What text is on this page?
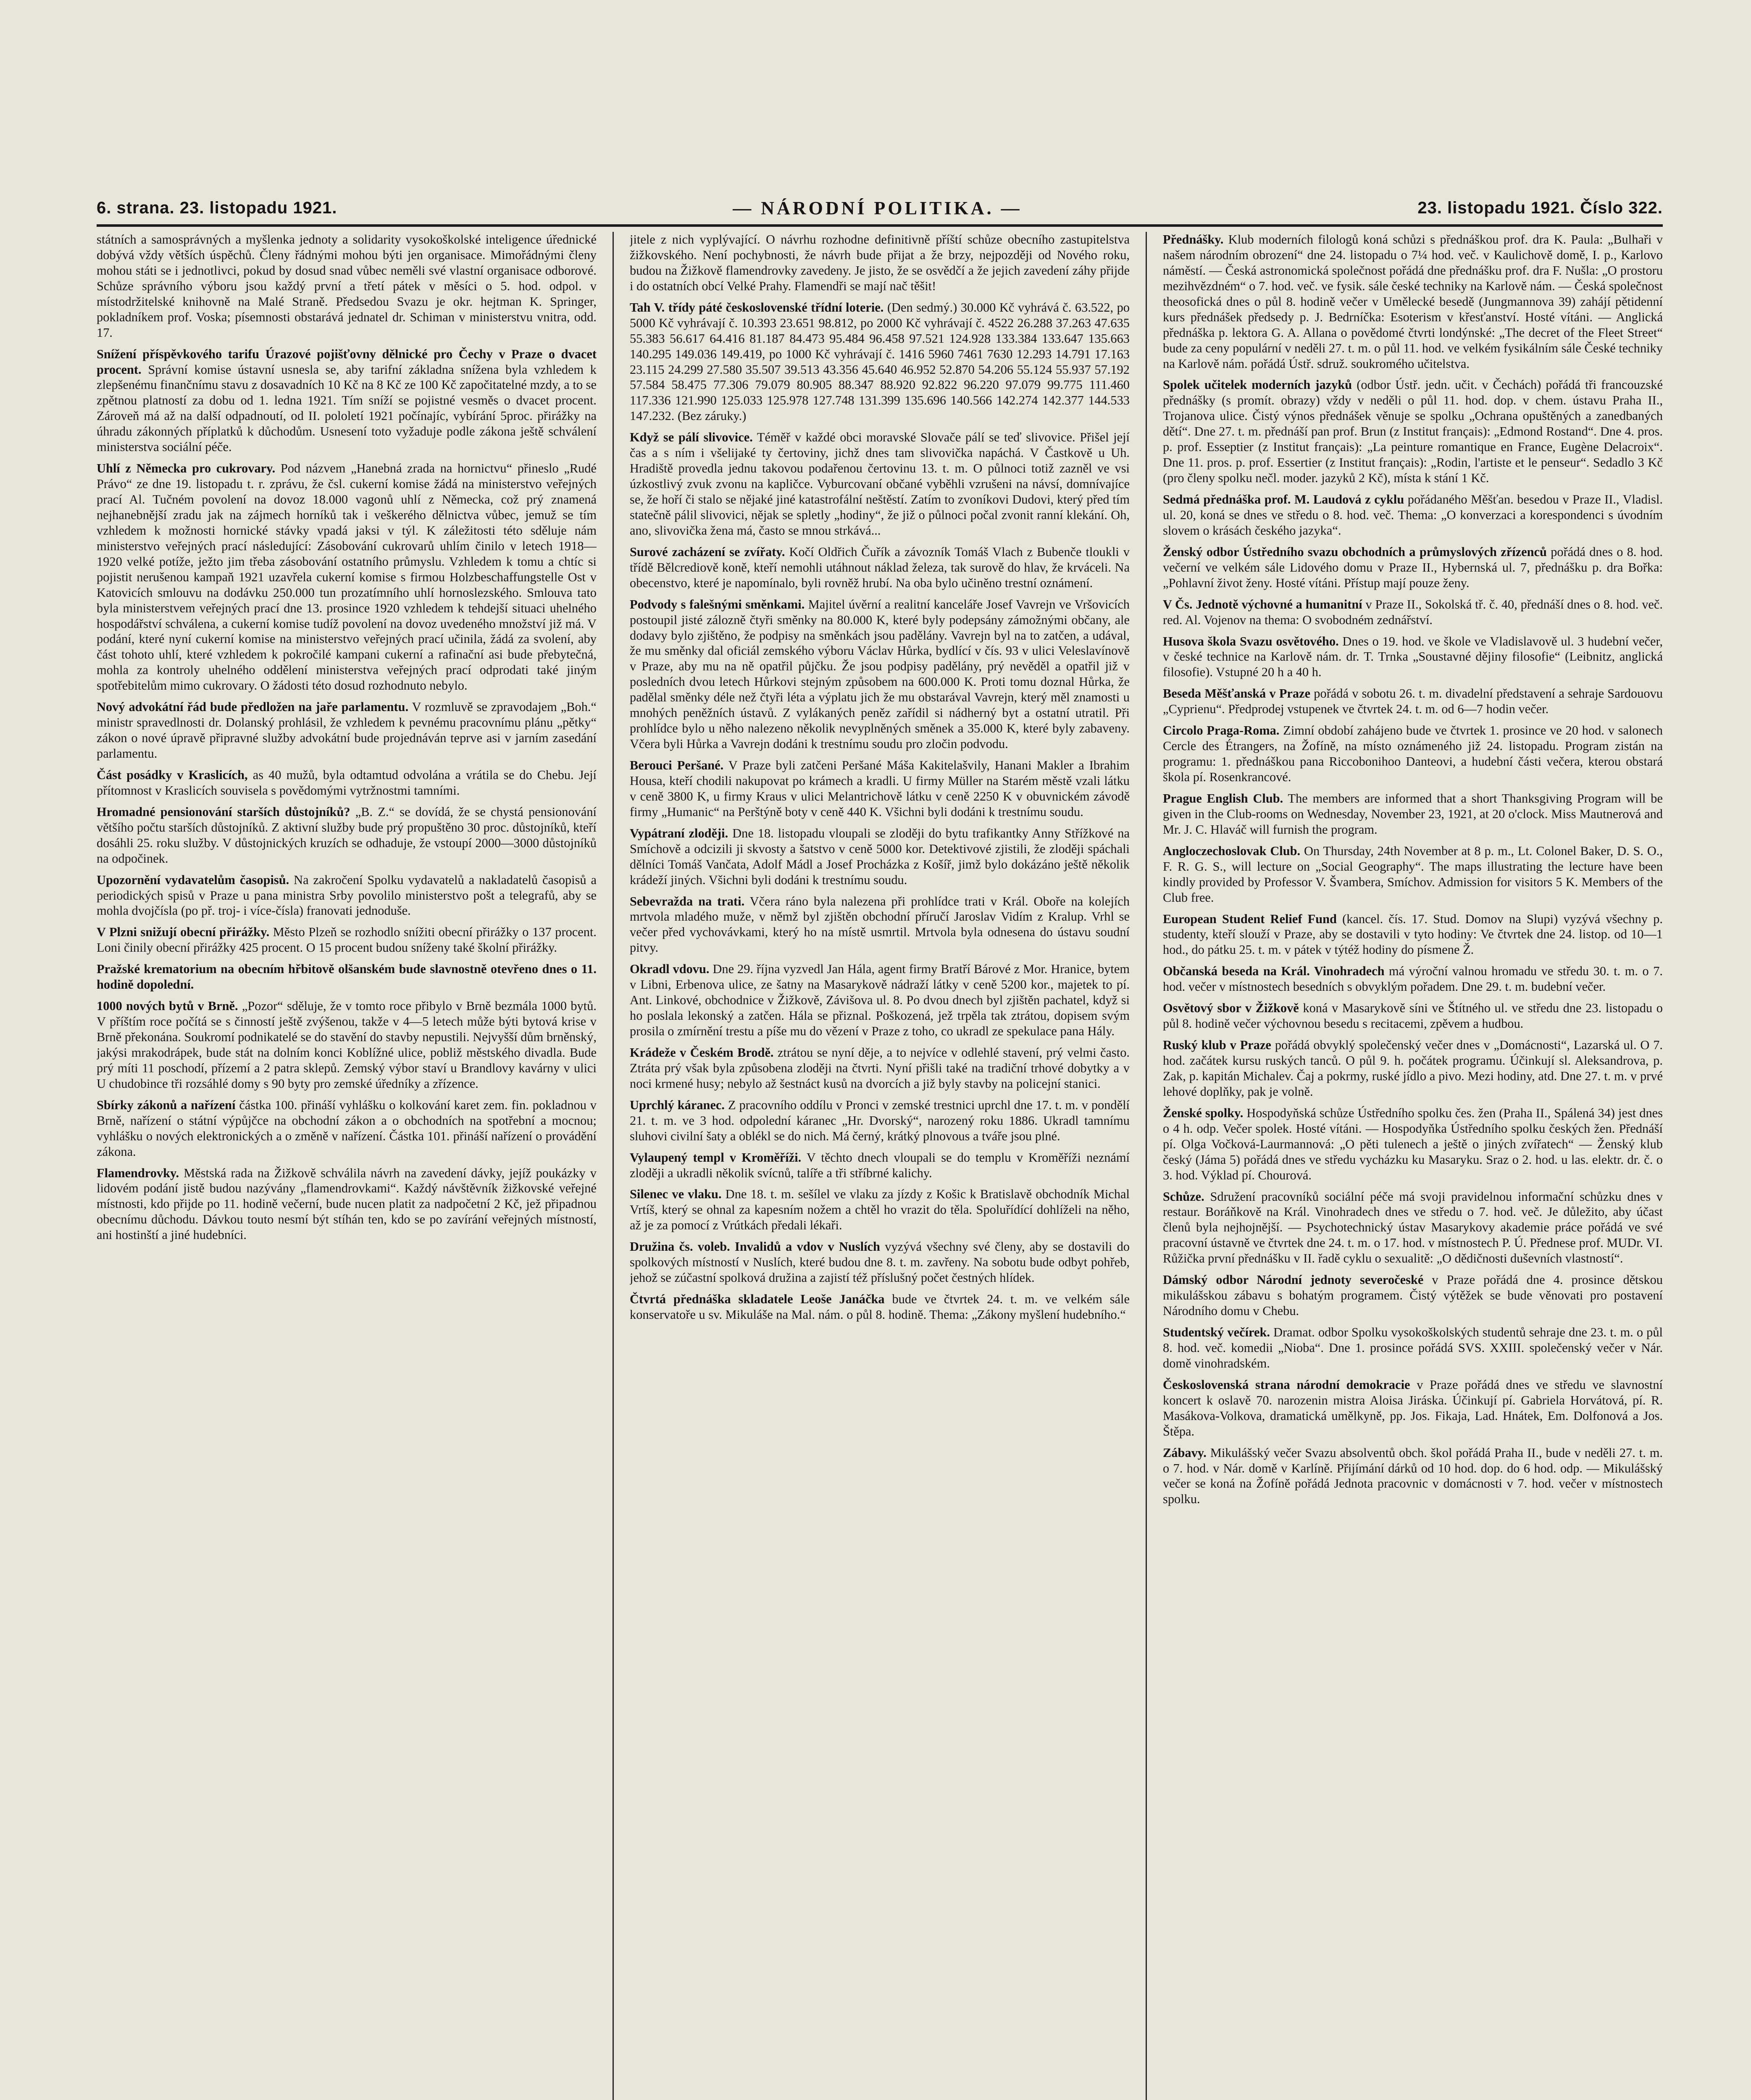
6. strana. 23. listopadu 1921.	— NÁRODNÍ POLITIKA. —	23. listopadu 1921. Číslo 322.

státních a samosprávných a myšlenka jednoty a solidarity vysokoškolské inteligence úřednické dobývá vždy větších úspěchů. Členy řádnými mohou býti jen organisace. Mimořádnými členy mohou státi se i jednotlivci, pokud by dosud snad vůbec neměli své vlastní organisace odborové. Schůze správního výboru jsou každý první a třetí pátek v měsíci o 5. hod. odpol. v místodržitelské knihovně na Malé Straně. Předsedou Svazu je okr. hejtman K. Springer, pokladníkem prof. Voska; písemnosti obstarává jednatel dr. Schiman v ministerstvu vnitra, odd. 17.

Snížení příspěvkového tarifu Úrazové pojišťovny dělnické pro Čechy v Praze o dvacet procent. Správní komise ústavní usnesla se, aby tarifní základna snížena byla vzhledem k zlepšenému finančnímu stavu z dosavadních 10 Kč na 8 Kč ze 100 Kč započitatelné mzdy, a to se zpětnou platností za dobu od 1. ledna 1921. Tím sníží se pojistné vesměs o dvacet procent. Zároveň má až na další odpadnoutí, od II. pololetí 1921 počínajíc, vybírání 5proc. přirážky na úhradu zákonných příplatků k důchodům. Usnesení toto vyžaduje podle zákona ještě schválení ministerstva sociální péče.

Uhlí z Německa pro cukrovary. Pod názvem „Hanebná zrada na hornictvu“ přineslo „Rudé Právo“ ze dne 19. listopadu t. r. zprávu, že čsl. cukerní komise žádá na ministerstvo veřejných prací Al. Tučném povolení na dovoz 18.000 vagonů uhlí z Německa, což prý znamená nejhanebnější zradu jak na zájmech horníků tak i veškerého dělnictva vůbec, jemuž se tím vzhledem k možnosti hornické stávky vpadá jaksi v týl. K záležitosti této sděluje nám ministerstvo veřejných prací následující: Zásobování cukrovarů uhlím činilo v letech 1918—1920 velké potíže, ježto jim třeba zásobování ostatního průmyslu. Vzhledem k tomu a chtíc si pojistit nerušenou kampaň 1921 uzavřela cukerní komise s firmou Holzbeschaffungstelle Ost v Katovicích smlouvu na dodávku 250.000 tun prozatímního uhlí hornoslezského. Smlouva tato byla ministerstvem veřejných prací dne 13. prosince 1920 vzhledem k tehdejší situaci uhelného hospodářství schválena, a cukerní komise tudíž povolení na dovoz uvedeného množství již má. V podání, které nyní cukerní komise na ministerstvo veřejných prací učinila, žádá za svolení, aby část tohoto uhlí, které vzhledem k pokročilé kampani cukerní a rafinační asi bude přebytečná, mohla za kontroly uhelného oddělení ministerstva veřejných prací odprodati také jiným spotřebitelům mimo cukrovary. O žádosti této dosud rozhodnuto nebylo.

Nový advokátní řád bude předložen na jaře parlamentu. V rozmluvě se zpravodajem „Boh.“ ministr spravedlnosti dr. Dolanský prohlásil, že vzhledem k pevnému pracovnímu plánu „pětky“ zákon o nové úpravě připravné služby advokátní bude projednáván teprve asi v jarním zasedání parlamentu.

Část posádky v Kraslicích, as 40 mužů, byla odtamtud odvolána a vrátila se do Chebu. Její přítomnost v Kraslicích souvisela s povědomými vytržnostmi tamními.

Hromadné pensionování starších důstojníků? „B. Z.“ se dovídá, že se chystá pensionování většího počtu starších důstojníků. Z aktivní služby bude prý propuštěno 30 proc. důstojníků, kteří dosáhli 25. roku služby. V důstojnických kruzích se odhaduje, že vstoupí 2000—3000 důstojníků na odpočinek.

Upozornění vydavatelům časopisů. Na zakročení Spolku vydavatelů a nakladatelů časopisů a periodických spisů v Praze u pana ministra Srby povolilo ministerstvo pošt a telegrafů, aby se mohla dvojčísla (po př. troj- i více-čísla) franovati jednoduše.

V Plzni snižují obecní přirážky. Město Plzeň se rozhodlo snížiti obecní přirážky o 137 procent. Loni činily obecní přirážky 425 procent. O 15 procent budou sníženy také školní přirážky.

Pražské krematorium na obecním hřbitově olšanském bude slavnostně otevřeno dnes o 11. hodině dopolední.

1000 nových bytů v Brně. „Pozor“ sděluje, že v tomto roce přibylo v Brně bezmála 1000 bytů. V příštím roce počítá se s činností ještě zvýšenou, takže v 4—5 letech může býti bytová krise v Brně překonána. Soukromí podnikatelé se do stavění do stavby nepustili. Nejvyšší dům brněnský, jakýsi mrakodrápek, bude stát na dolním konci Koblížné ulice, pobliž městského divadla. Bude prý míti 11 poschodí, přízemí a 2 patra sklepů. Zemský výbor staví u Brandlovy kavárny v ulici U chudobince tři rozsáhlé domy s 90 byty pro zemské úředníky a zřízence.

Sbírky zákonů a nařízení částka 100. přináší vyhlášku o kolkování karet zem. fin. pokladnou v Brně, nařízení o státní výpůjčce na obchodní zákon a o obchodních na spotřební a mocnou; vyhlášku o nových elektronických a o změně v nařízení. Částka 101. přináší nařízení o provádění zákona.

Flamendrovky. Městská rada na Žižkově schválila návrh na zavedení dávky, jejíž poukázky v lidovém podání jistě budou nazývány „flamendrovkami“. Každý návštěvník žižkovské veřejné místnosti, kdo přijde po 11. hodině večerní, bude nucen platit za nadpočetní 2 Kč, jež připadnou obecnímu důchodu. Dávkou touto nesmí být stíhán ten, kdo se po zavírání veřejných místností, ani hostinští a jiné hudebníci.

jitele z nich vyplývající. O návrhu rozhodne definitivně příští schůze obecního zastupitelstva žižkovského. Není pochybnosti, že návrh bude přijat a že brzy, nejpozději od Nového roku, budou na Žižkově flamendrovky zavedeny. Je jisto, že se osvědčí a že jejich zavedení záhy přijde i do ostatních obcí Velké Prahy. Flamendři se mají nač těšit!

Tah V. třídy páté československé třídní loterie. (Den sedmý.) 30.000 Kč vyhrává č. 63.522, po 5000 Kč vyhrávají č. 10.393 23.651 98.812, po 2000 Kč vyhrávají č. 4522 26.288 37.263 47.635 55.383 56.617 64.416 81.187 84.473 95.484 96.458 97.521 124.928 133.384 133.647 135.663 140.295 149.036 149.419, po 1000 Kč vyhrávají č. 1416 5960 7461 7630 12.293 14.791 17.163 23.115 24.299 27.580 35.507 39.513 43.356 45.640 46.952 52.870 54.206 55.124 55.937 57.192 57.584 58.475 77.306 79.079 80.905 88.347 88.920 92.822 96.220 97.079 99.775 111.460 117.336 121.990 125.033 125.978 127.748 131.399 135.696 140.566 142.274 142.377 144.533 147.232. (Bez záruky.)

Když se pálí slivovice. Téměř v každé obci moravské Slovače pálí se teď slivovice. Přišel její čas a s ním i všelijaké ty čertoviny, jichž dnes tam slivovička napáchá. V Častkově u Uh. Hradiště provedla jednu takovou podařenou čertovinu 13. t. m. O půlnoci totiž zazněl ve vsi úzkostlivý zvuk zvonu na kapličce. Vyburcovaní občané vyběhli vzrušeni na návsí, domnívajíce se, že hoří či stalo se nějaké jiné katastrofální neštěstí. Zatím to zvoníkovi Dudovi, který před tím statečně pálil slivovici, nějak se spletly „hodiny“, že již o půlnoci počal zvonit ranní klekání. Oh, ano, slivovička žena má, často se mnou strkává...

Surové zacházení se zvířaty. Kočí Oldřich Čuřík a závozník Tomáš Vlach z Bubenče tloukli v třídě Bělcrediově koně, kteří nemohli utáhnout náklad železa, tak surově do hlav, že krváceli. Na obecenstvo, které je napomínalo, byli rovněž hrubí. Na oba bylo učiněno trestní oznámení.

Podvody s falešnými směnkami. Majitel úvěrní a realitní kanceláře Josef Vavrejn ve Vršovicích postoupil jisté zálozně čtyři směnky na 80.000 K, které byly podepsány zámožnými občany, ale dodavy bylo zjištěno, že podpisy na směnkách jsou padělány. Vavrejn byl na to zatčen, a udával, že mu směnky dal oficiál zemského výboru Václav Hůrka, bydlící v čís. 93 v ulici Veleslavínově v Praze, aby mu na ně opatřil půjčku. Že jsou podpisy padělány, prý nevěděl a opatřil již v posledních dvou letech Hůrkovi stejným způsobem na 600.000 K. Proti tomu doznal Hůrka, že padělal směnky déle než čtyři léta a výplatu jich že mu obstarával Vavrejn, který měl znamosti u mnohých peněžních ústavů. Z vylákaných peněz zařídil si nádherný byt a ostatní utratil. Při prohlídce bylo u něho nalezeno několik nevyplněných směnek a 35.000 K, které byly zabaveny. Včera byli Hůrka a Vavrejn dodáni k trestnímu soudu pro zločin podvodu.

Berouci Peršané. V Praze byli zatčeni Peršané Máša Kakitelašvily, Hanani Makler a Ibrahim Housa, kteří chodili nakupovat po krámech a kradli. U firmy Müller na Starém městě vzali látku v ceně 3800 K, u firmy Kraus v ulici Melantrichově látku v ceně 2250 K v obuvnickém závodě firmy „Humanic“ na Perštýně boty v ceně 440 K. Všichni byli dodáni k trestnímu soudu.

Vypátraní zloději. Dne 18. listopadu vloupali se zloději do bytu trafikantky Anny Střížkové na Smíchově a odcizili ji skvosty a šatstvo v ceně 5000 kor. Detektivové zjistili, že zloději spáchali dělníci Tomáš Vančata, Adolf Mádl a Josef Procházka z Košíř, jimž bylo dokázáno ještě několik krádeží jiných. Všichni byli dodáni k trestnímu soudu.

Sebevražda na trati. Včera ráno byla nalezena při prohlídce trati v Král. Oboře na kolejích mrtvola mladého muže, v němž byl zjištěn obchodní příručí Jaroslav Vidím z Kralup. Vrhl se večer před vychovávkami, který ho na místě usmrtil. Mrtvola byla odnesena do ústavu soudní pitvy.

Okradl vdovu. Dne 29. října vyzvedl Jan Hála, agent firmy Bratří Bárové z Mor. Hranice, bytem v Libni, Erbenova ulice, ze šatny na Masarykově nádraží látky v ceně 5200 kor., majetek to pí. Ant. Linkové, obchodnice v Žižkově, Závišova ul. 8. Po dvou dnech byl zjištěn pachatel, když si ho poslala lekonský a zatčen. Hála se přiznal. Poškozená, jež trpěla tak ztrátou, dopisem svým prosila o zmírnění trestu a píše mu do vězení v Praze z toho, co ukradl ze spekulace pana Hály.

Krádeže v Českém Brodě. ztrátou se nyní děje, a to nejvíce v odlehlé stavení, prý velmi často. Ztráta prý však byla způsobena zloději na čtvrti. Nyní přišli také na tradiční trhové dobytky a v noci krmené husy; nebylo až šestnáct kusů na dvorcích a již byly stavby na policejní stanici.

Uprchlý káranec. Z pracovního oddílu v Pronci v zemské trestnici uprchl dne 17. t. m. v pondělí 21. t. m. ve 3 hod. odpolední káranec „Hr. Dvorský“, narozený roku 1886. Ukradl tamnímu sluhovi civilní šaty a oblékl se do nich. Má černý, krátký plnovous a tváře jsou plné.

Vylaupený templ v Kroměříži. V těchto dnech vloupali se do templu v Kroměříži neznámí zloději a ukradli několik svícnů, talíře a tři stříbrné kalichy.

Silenec ve vlaku. Dne 18. t. m. sešílel ve vlaku za jízdy z Košic k Bratislavě obchodník Michal Vrtíš, který se ohnal za kapesním nožem a chtěl ho vrazit do těla. Spoluřídící dohlíželi na něho, až je za pomocí z Vrútkách předali lékaři.

Družina čs. voleb. Invalidů a vdov v Nuslích vyzývá všechny své členy, aby se dostavili do spolkových místností v Nuslích, které budou dne 8. t. m. zavřeny. Na sobotu bude odbyt pohřeb, jehož se zúčastní spolková družina a zajistí též příslušný počet čestných hlídek.

Čtvrtá přednáška skladatele Leoše Janáčka bude ve čtvrtek 24. t. m. ve velkém sále konservatoře u sv. Mikuláše na Mal. nám. o půl 8. hodině. Thema: „Zákony myšlení hudebního.“

Přednášky. Klub moderních filologů koná schůzi s přednáškou prof. dra K. Paula: „Bulhaři v našem národním obrození“ dne 24. listopadu o 7¼ hod. več. v Kaulichově domě, I. p., Karlovo náměstí. — Česká astronomická společnost pořádá dne přednášku prof. dra F. Nušla: „O prostoru mezihvězdném“ o 7. hod. več. ve fysik. sále české techniky na Karlově nám. — Česká společnost theosofická dnes o půl 8. hodině večer v Umělecké besedě (Jungmannova 39) zahájí pětidenní kurs přednášek předsedy p. J. Bedrníčka: Esoterism v křesťanství. Hosté vítáni. — Anglická přednáška p. lektora G. A. Allana o povědomé čtvrti londýnské: „The decret of the Fleet Street“ bude za ceny populární v neděli 27. t. m. o půl 11. hod. ve velkém fysikálním sále České techniky na Karlově nám. pořádá Ústř. sdruž. soukromého učitelstva.

Spolek učitelek moderních jazyků (odbor Ústř. jedn. učit. v Čechách) pořádá tři francouzské přednášky (s promít. obrazy) vždy v neděli o půl 11. hod. dop. v chem. ústavu Praha II., Trojanova ulice. Čistý výnos přednášek věnuje se spolku „Ochrana opuštěných a zanedbaných dětí“. Dne 27. t. m. přednáší pan prof. Brun (z Institut français): „Edmond Rostand“. Dne 4. pros. p. prof. Esseptier (z Institut français): „La peinture romantique en France, Eugène Delacroix“. Dne 11. pros. p. prof. Essertier (z Institut français): „Rodin, l'artiste et le penseur“. Sedadlo 3 Kč (pro členy spolku nečl. moder. jazyků 2 Kč), místa k stání 1 Kč.

Sedmá přednáška prof. M. Laudová z cyklu pořádaného Měšťan. besedou v Praze II., Vladisl. ul. 20, koná se dnes ve středu o 8. hod. več. Thema: „O konverzaci a korespondenci s úvodním slovem o krásách českého jazyka“.

Ženský odbor Ústředního svazu obchodních a průmyslových zřízenců pořádá dnes o 8. hod. večerní ve velkém sále Lidového domu v Praze II., Hybernská ul. 7, přednášku p. dra Bořka: „Pohlavní život ženy. Hosté vítáni. Přístup mají pouze ženy.

V Čs. Jednotě výchovné a humanitní v Praze II., Sokolská tř. č. 40, přednáší dnes o 8. hod. več. red. Al. Vojenov na thema: O svobodném zednářství.

Husova škola Svazu osvětového. Dnes o 19. hod. ve škole ve Vladislavově ul. 3 hudební večer, v české technice na Karlově nám. dr. T. Trnka „Soustavné dějiny filosofie“ (Leibnitz, anglická filosofie). Vstupné 20 h a 40 h.

Beseda Měšťanská v Praze pořádá v sobotu 26. t. m. divadelní představení a sehraje Sardouovu „Cyprienu“. Předprodej vstupenek ve čtvrtek 24. t. m. od 6—7 hodin večer.

Circolo Praga-Roma. Zimní období zahájeno bude ve čtvrtek 1. prosince ve 20 hod. v salonech Cercle des Étrangers, na Žofíně, na místo oznámeného již 24. listopadu. Program zistán na programu: 1. přednáškou pana Riccobonihoo Danteovi, a hudební části večera, kterou obstará škola pí. Rosenkrancové.

Prague English Club. The members are informed that a short Thanksgiving Program will be given in the Club-rooms on Wednesday, November 23, 1921, at 20 o'clock. Miss Mautnerová and Mr. J. C. Hlaváč will furnish the program.

Angloczechoslovak Club. On Thursday, 24th November at 8 p. m., Lt. Colonel Baker, D. S. O., F. R. G. S., will lecture on „Social Geography“. The maps illustrating the lecture have been kindly provided by Professor V. Švambera, Smíchov. Admission for visitors 5 K. Members of the Club free.

European Student Relief Fund (kancel. čís. 17. Stud. Domov na Slupi) vyzývá všechny p. studenty, kteří slouží v Praze, aby se dostavili v tyto hodiny: Ve čtvrtek dne 24. listop. od 10—1 hod., do pátku 25. t. m. v pátek v týtéž hodiny do písmene Ž.

Občanská beseda na Král. Vinohradech má výroční valnou hromadu ve středu 30. t. m. o 7. hod. večer v místnostech besedních s obvyklým pořadem. Dne 29. t. m. budební večer.

Osvětový sbor v Žižkově koná v Masarykově síni ve Štítného ul. ve středu dne 23. listopadu o půl 8. hodině večer výchovnou besedu s recitacemi, zpěvem a hudbou.

Ruský klub v Praze pořádá obvyklý společenský večer dnes v „Domácnosti“, Lazarská ul. O 7. hod. začátek kursu ruských tanců. O půl 9. h. počátek programu. Účinkují sl. Aleksandrova, p. Zak, p. kapitán Michalev. Čaj a pokrmy, ruské jídlo a pivo. Mezi hodiny, atd. Dne 27. t. m. v prvé lehové doplňky, pak je volně.

Ženské spolky. Hospodyňská schůze Ústředního spolku čes. žen (Praha II., Spálená 34) jest dnes o 4 h. odp. Večer spolek. Hosté vítáni. — Hospodyňka Ústředního spolku českých žen. Přednáší pí. Olga Vočková-Laurmannová: „O pěti tulenech a ještě o jiných zvířatech“ — Ženský klub český (Jáma 5) pořádá dnes ve středu vycházku ku Masaryku. Sraz o 2. hod. u las. elektr. dr. č. o 3. hod. Výklad pí. Chourová.

Schůze. Sdružení pracovníků sociální péče má svoji pravidelnou informační schůzku dnes v restaur. Boráňkově na Král. Vinohradech dnes ve středu o 7. hod. več. Je důležito, aby účast členů byla nejhojnější. — Psychotechnický ústav Masarykovy akademie práce pořádá ve své pracovní ústavně ve čtvrtek dne 24. t. m. o 17. hod. v místnostech P. Ú. Přednese prof. MUDr. VI. Růžička první přednášku v II. řadě cyklu o sexualitě: „O dědičnosti duševních vlastností“.

Dámský odbor Národní jednoty severočeské v Praze pořádá dne 4. prosince dětskou mikulášskou zábavu s bohatým programem. Čistý výtěžek se bude věnovati pro postavení Národního domu v Chebu.

Studentský večírek. Dramat. odbor Spolku vysokoškolských studentů sehraje dne 23. t. m. o půl 8. hod. več. komedii „Nioba“. Dne 1. prosince pořádá SVS. XXIII. společenský večer v Nár. domě vinohradském.

Československá strana národní demokracie v Praze pořádá dnes ve středu ve slavnostní koncert k oslavě 70. narozenin mistra Aloisa Jiráska. Účinkují pí. Gabriela Horvátová, pí. R. Masákova-Volkova, dramatická umělkyně, pp. Jos. Fikaja, Lad. Hnátek, Em. Dolfonová a Jos. Štěpa.

Zábavy. Mikulášský večer Svazu absolventů obch. škol pořádá Praha II., bude v neděli 27. t. m. o 7. hod. v Nár. domě v Karlíně. Přijímání dárků od 10 hod. dop. do 6 hod. odp. — Mikulášský večer se koná na Žofíně pořádá Jednota pracovnic v domácnosti v 7. hod. večer v místnostech spolku.
